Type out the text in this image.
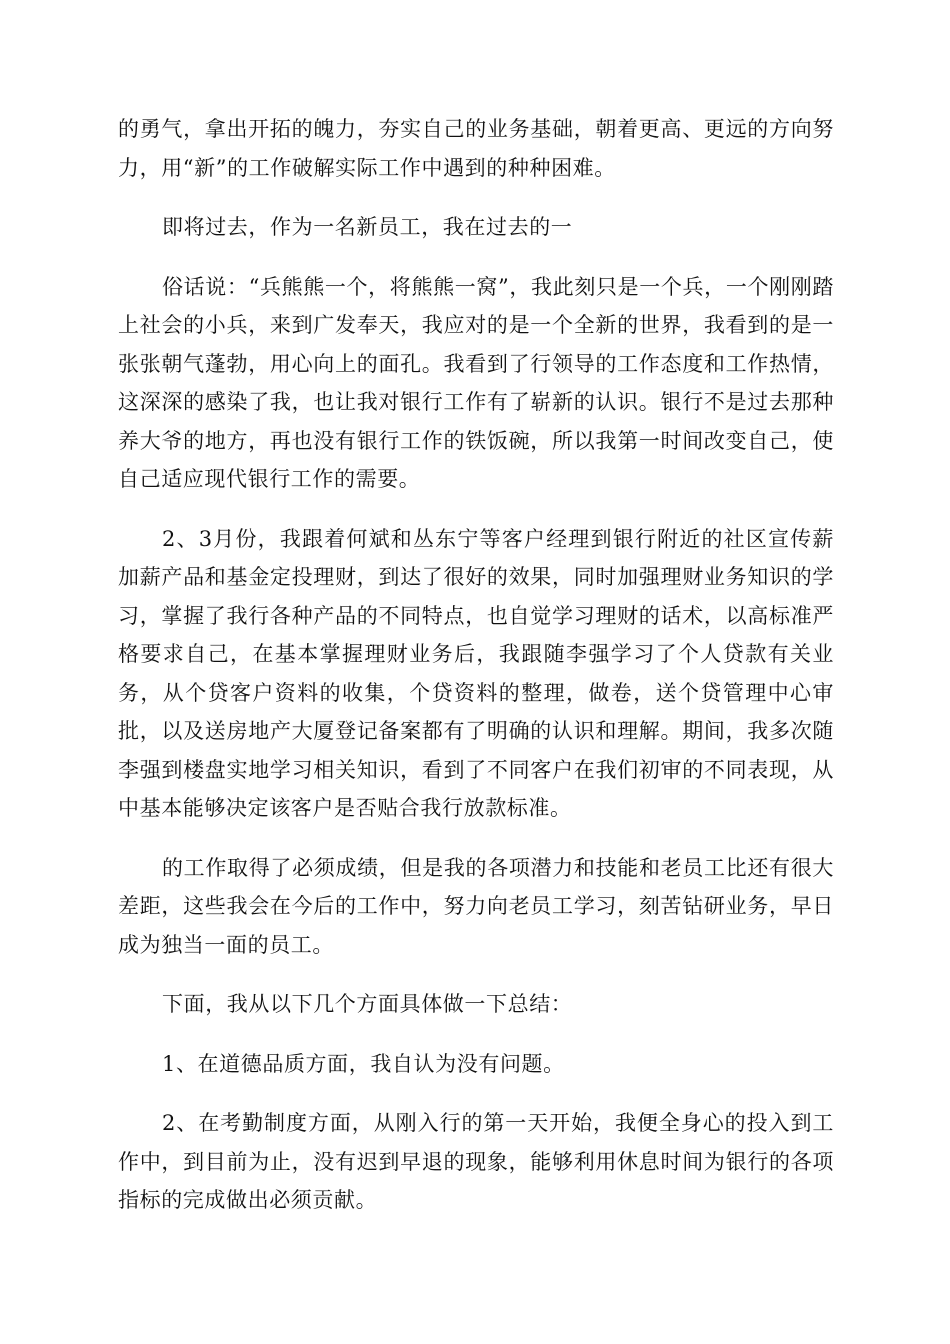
的勇气，拿出开拓的魄力，夯实自己的业务基础，朝着更高、更远的方向努力，用“新”的工作破解实际工作中遇到的种种困难。

即将过去，作为一名新员工，我在过去的一

俗话说：“兵熊熊一个，将熊熊一窝”，我此刻只是一个兵，一个刚刚踏上社会的小兵，来到广发奉天，我应对的是一个全新的世界，我看到的是一张张朝气蓬勃，用心向上的面孔。我看到了行领导的工作态度和工作热情，这深深的感染了我，也让我对银行工作有了崭新的认识。银行不是过去那种养大爷的地方，再也没有银行工作的铁饭碗，所以我第一时间改变自己，使自己适应现代银行工作的需要。

2、3月份，我跟着何斌和丛东宁等客户经理到银行附近的社区宣传薪加薪产品和基金定投理财，到达了很好的效果，同时加强理财业务知识的学习，掌握了我行各种产品的不同特点，也自觉学习理财的话术，以高标准严格要求自己，在基本掌握理财业务后，我跟随李强学习了个人贷款有关业务，从个贷客户资料的收集，个贷资料的整理，做卷，送个贷管理中心审批，以及送房地产大厦登记备案都有了明确的认识和理解。期间，我多次随李强到楼盘实地学习相关知识，看到了不同客户在我们初审的不同表现，从中基本能够决定该客户是否贴合我行放款标准。

的工作取得了必须成绩，但是我的各项潜力和技能和老员工比还有很大差距，这些我会在今后的工作中，努力向老员工学习，刻苦钻研业务，早日成为独当一面的员工。

下面，我从以下几个方面具体做一下总结：

1、在道德品质方面，我自认为没有问题。

2、在考勤制度方面，从刚入行的第一天开始，我便全身心的投入到工作中，到目前为止，没有迟到早退的现象，能够利用休息时间为银行的各项指标的完成做出必须贡献。
